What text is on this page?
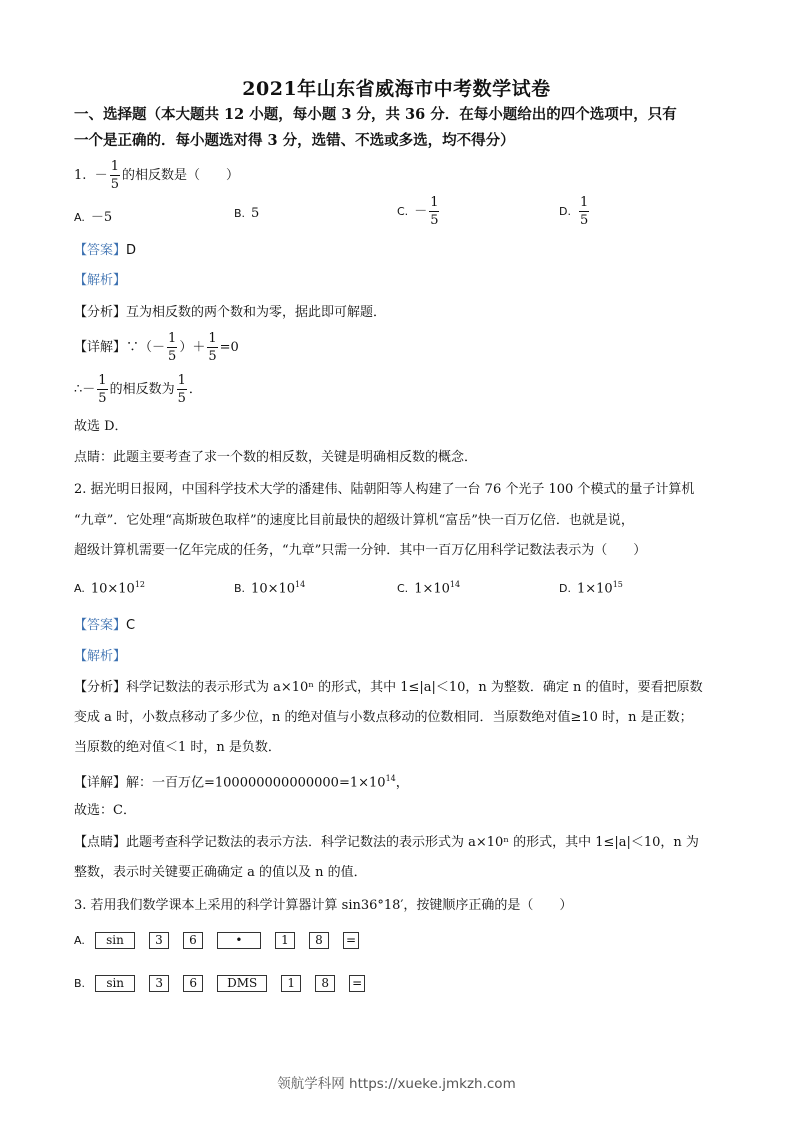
2021年山东省威海市中考数学试卷
一、选择题（本大题共 12 小题，每小题 3 分，共 36 分．在每小题给出的四个选项中，只有
一个是正确的．每小题选对得 3 分，选错、不选或多选，均不得分）
1. － $\frac{1}{5}$ 的相反数是（　　）
A. －5	B. 5	C. － $\frac{1}{5}$	D. $\frac{1}{5}$
【答案】D
【解析】
【分析】互为相反数的两个数和为零，据此即可解题．
【详解】∵（－ $\frac{1}{5}$ ）＋ $\frac{1}{5} =0$
∴－ $\frac{1}{5}$ 的相反数为 $\frac{1}{5}$ ．
故选 D．
点睛：此题主要考查了求一个数的相反数，关键是明确相反数的概念．
2. 据光明日报网，中国科学技术大学的潘建伟、陆朝阳等人构建了一台 76 个光子 100 个模式的量子计算机
“九章”．它处理“高斯玻色取样”的速度比目前最快的超级计算机“富岳”快一百万亿倍．也就是说，
超级计算机需要一亿年完成的任务，“九章”只需一分钟．其中一百万亿用科学记数法表示为（　　）
A. $10\times 10^{12}$	B. $10\times 10^{14}$	C. $1\times 10^{14}$	D. $1\times 10^{15}$
【答案】C
【解析】
【分析】科学记数法的表示形式为 a×10ⁿ 的形式，其中 1≤|a|＜10，n 为整数．确定 n 的值时，要看把原数
变成 a 时，小数点移动了多少位，n 的绝对值与小数点移动的位数相同．当原数绝对值≥10 时，n 是正数；
当原数的绝对值＜1 时，n 是负数．
【详解】解：一百万亿$=100000000000000=1\times 10^{14}$，
故选：C．
【点睛】此题考查科学记数法的表示方法．科学记数法的表示形式为 a×10ⁿ 的形式，其中 1≤|a|＜10，n 为
整数，表示时关键要正确确定 a 的值以及 n 的值．
3. 若用我们数学课本上采用的科学计算器计算 sin36°18′，按键顺序正确的是（　　）
A. sin	3 6	•	1 8 =
B. sin	3 6	DMS	1 8 =
领航学科网 https://xueke.jmkzh.com
